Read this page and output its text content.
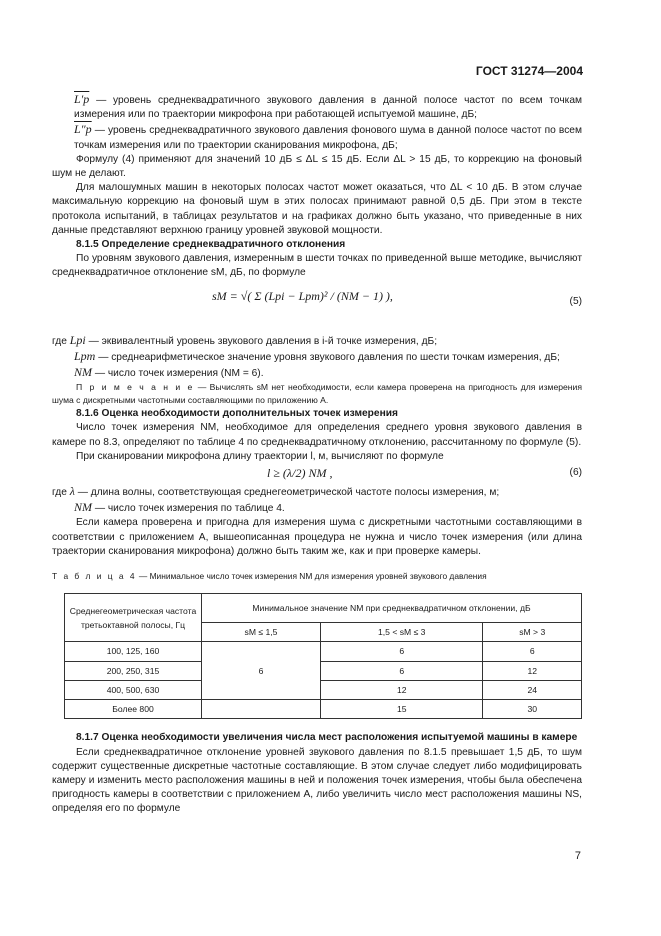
ГОСТ 31274—2004

L′p — уровень среднеквадратичного звукового давления в данной полосе частот по всем точкам измерения или по траектории микрофона при работающей испытуемой машине, дБ;

L″p — уровень среднеквадратичного звукового давления фонового шума в данной полосе частот по всем точкам измерения или по траектории сканирования микрофона, дБ;

Формулу (4) применяют для значений 10 дБ ≤ ΔL ≤ 15 дБ. Если ΔL > 15 дБ, то коррекцию на фоновый шум не делают.

Для малошумных машин в некоторых полосах частот может оказаться, что ΔL < 10 дБ. В этом случае максимальную коррекцию на фоновый шум в этих полосах принимают равной 0,5 дБ. При этом в тексте протокола испытаний, в таблицах результатов и на графиках должно быть указано, что приведенные в них данные представляют верхнюю границу уровней звуковой мощности.

8.1.5 Определение среднеквадратичного отклонения

По уровням звукового давления, измеренным в шести точках по приведенной выше методике, вычисляют среднеквадратичное отклонение sM, дБ, по формуле

sM = √( Σ (Lpi − Lpm)² / (NM − 1) ),	(5)

где Lpi — эквивалентный уровень звукового давления в i-й точке измерения, дБ;

Lpm — среднеарифметическое значение уровня звукового давления по шести точкам измерения, дБ;

NM — число точек измерения (NM = 6).

П р и м е ч а н и е — Вычислять sM нет необходимости, если камера проверена на пригодность для измерения шума с дискретными частотными составляющими по приложению А.

8.1.6 Оценка необходимости дополнительных точек измерения

Число точек измерения NM, необходимое для определения среднего уровня звукового давления в камере по 8.3, определяют по таблице 4 по среднеквадратичному отклонению, рассчитанному по формуле (5).

При сканировании микрофона длину траектории l, м, вычисляют по формуле

l ≥ (λ/2) NM ,	(6)

где λ — длина волны, соответствующая среднегеометрической частоте полосы измерения, м;

NM — число точек измерения по таблице 4.

Если камера проверена и пригодна для измерения шума с дискретными частотными составляющими в соответствии с приложением А, вышеописанная процедура не нужна и число точек измерения (или длина траектории сканирования микрофона) должно быть таким же, как и при проверке камеры.

Т а б л и ц а 4 — Минимальное число точек измерения NM для измерения уровней звукового давления

Среднегеометрическая частота третьоктавной полосы, Гц	Минимальное значение NM при среднеквадратичном отклонении, дБ		
	sM ≤ 1,5	1,5 < sM ≤ 3	sM > 3
100, 125, 160	6	6	6
200, 250, 315		6	12
400, 500, 630		12	24
Более 800		15	30

8.1.7 Оценка необходимости увеличения числа мест расположения испытуемой машины в камере

Если среднеквадратичное отклонение уровней звукового давления по 8.1.5 превышает 1,5 дБ, то шум содержит существенные дискретные частотные составляющие. В этом случае следует либо модифицировать камеру и изменить место расположения машины в ней и положения точек измерения, чтобы была обеспечена пригодность камеры в соответствии с приложением А, либо увеличить число мест расположения машины NS, определяя его по формуле

7
